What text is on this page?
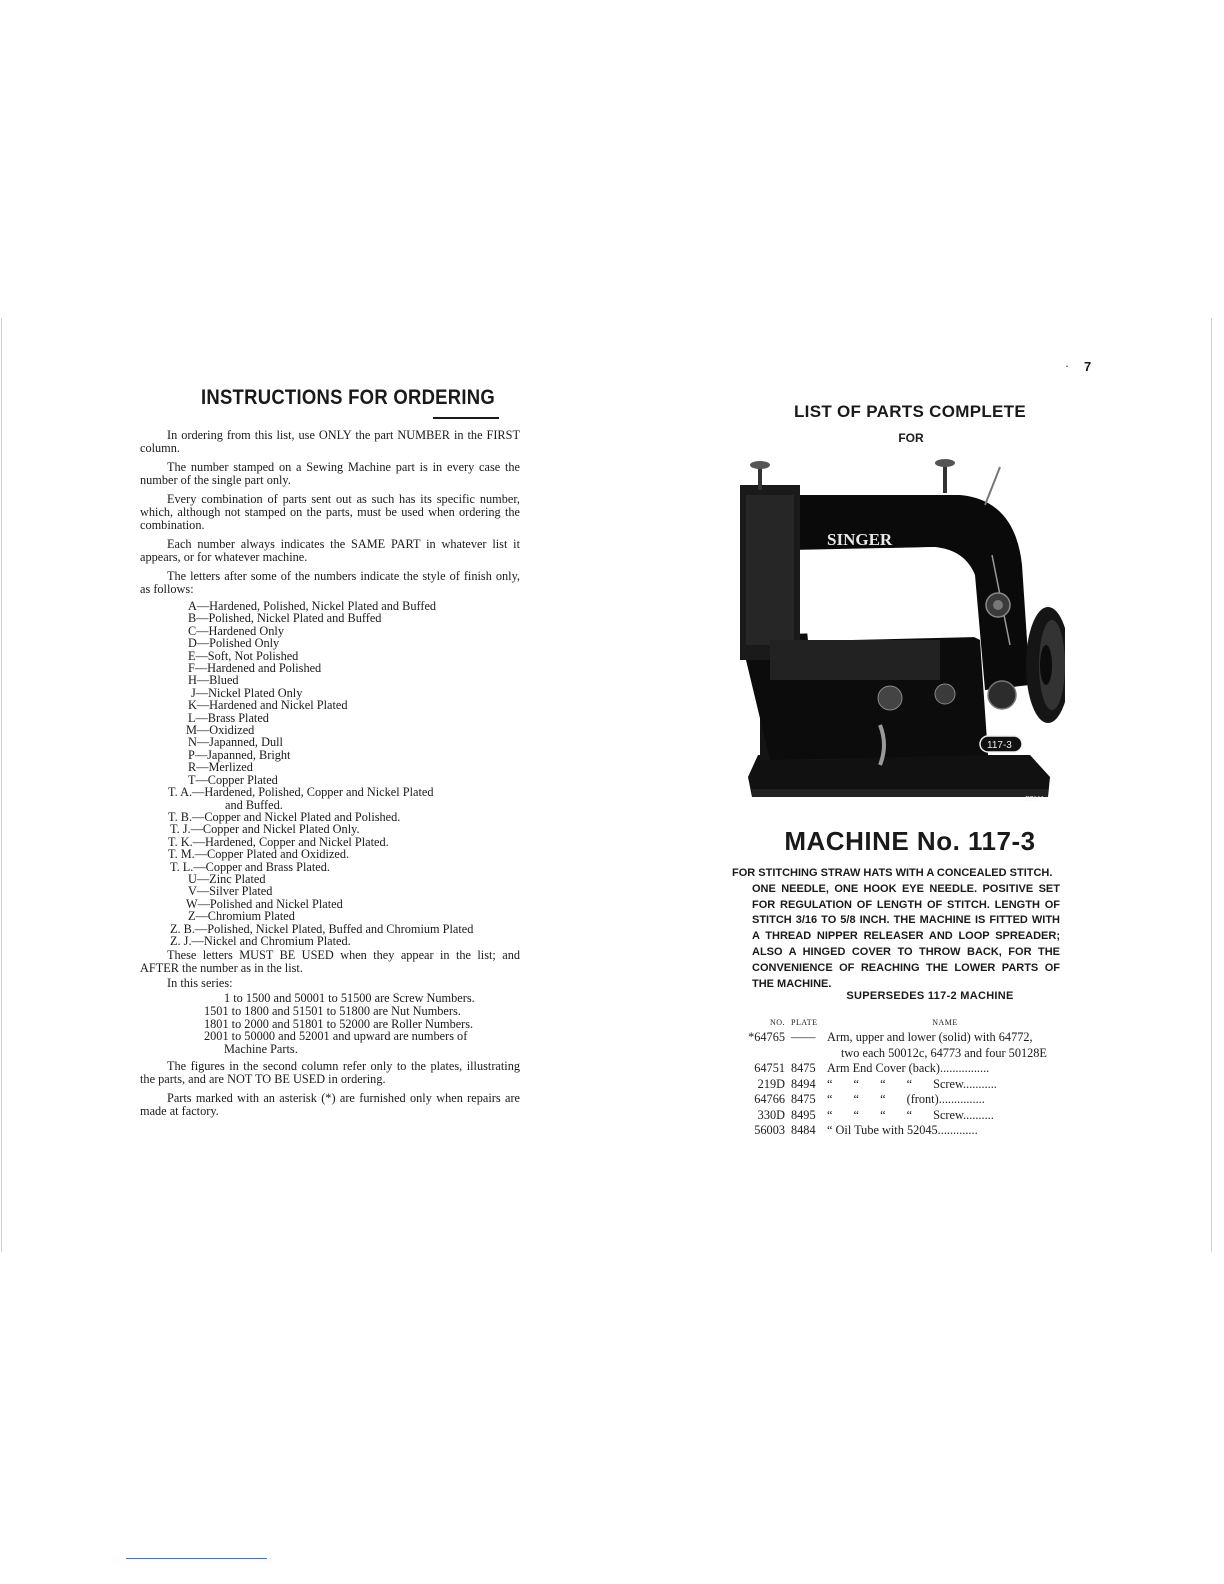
INSTRUCTIONS FOR ORDERING

In ordering from this list, use ONLY the part NUMBER in the FIRST column.

The number stamped on a Sewing Machine part is in every case the number of the single part only.

Every combination of parts sent out as such has its specific number, which, although not stamped on the parts, must be used when ordering the combination.

Each number always indicates the SAME PART in whatever list it appears, or for whatever machine.

The letters after some of the numbers indicate the style of finish only, as follows:

A—Hardened, Polished, Nickel Plated and Buffed
B—Polished, Nickel Plated and Buffed
C—Hardened Only
D—Polished Only
E—Soft, Not Polished
F—Hardened and Polished
H—Blued
J—Nickel Plated Only
K—Hardened and Nickel Plated
L—Brass Plated
M—Oxidized
N—Japanned, Dull
P—Japanned, Bright
R—Merlized
T—Copper Plated
T. A.—Hardened, Polished, Copper and Nickel Plated
and Buffed.
T. B.—Copper and Nickel Plated and Polished.
T. J.—Copper and Nickel Plated Only.
T. K.—Hardened, Copper and Nickel Plated.
T. M.—Copper Plated and Oxidized.
T. L.—Copper and Brass Plated.
U—Zinc Plated
V—Silver Plated
W—Polished and Nickel Plated
Z—Chromium Plated
Z. B.—Polished, Nickel Plated, Buffed and Chromium Plated
Z. J.—Nickel and Chromium Plated.

These letters MUST BE USED when they appear in the list; and AFTER the number as in the list.

In this series:

1 to 1500 and 50001 to 51500 are Screw Numbers.
1501 to 1800 and 51501 to 51800 are Nut Numbers.
1801 to 2000 and 51801 to 52000 are Roller Numbers.
2001 to 50000 and 52001 and upward are numbers of
Machine Parts.

The figures in the second column refer only to the plates, illustrating the parts, and are NOT TO BE USED in ordering.

Parts marked with an asterisk (*) are furnished only when repairs are made at factory.

· 7
LIST OF PARTS COMPLETE
FOR
SINGER
117-3
E764J
MACHINE No. 117-3
FOR STITCHING STRAW HATS WITH A CONCEALED STITCH.
ONE NEEDLE, ONE HOOK EYE NEEDLE. POSITIVE SET FOR REGULATION OF LENGTH OF STITCH. LENGTH OF STITCH 3/16 TO 5/8 INCH. THE MACHINE IS FITTED WITH A THREAD NIPPER RELEASER AND LOOP SPREADER; ALSO A HINGED COVER TO THROW BACK, FOR THE CONVENIENCE OF REACHING THE LOWER PARTS OF THE MACHINE.
SUPERSEDES 117-2 MACHINE
NO.	PLATE	NAME
*64765	——	Arm, upper and lower (solid) with 64772,
two each 50012c, 64773 and four 50128E

64751	8475	Arm End Cover (back)................
219D	8494	“ “ “ “ Screw...........
64766	8475	“ “ “ (front)...............
330D	8495	“ “ “ “ Screw..........
56003	8484	“ Oil Tube with 52045.............
